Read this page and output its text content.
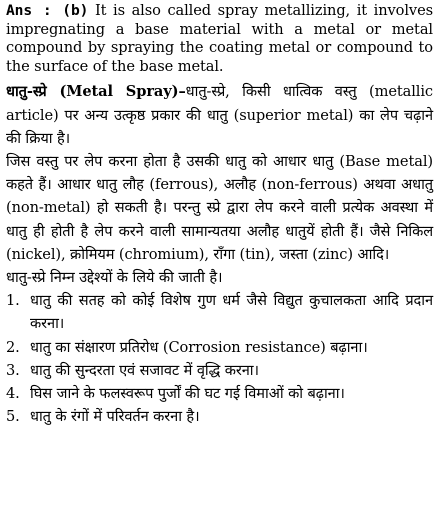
Ans : (b) It is also called spray metallizing, it involves impregnating a base material with a metal or metal compound by spraying the coating metal or compound to the surface of the base metal.

धातु-स्प्रे (Metal Spray)–धातु-स्प्रे, किसी धात्विक वस्तु (metallic article) पर अन्य उत्कृष्ठ प्रकार की धातु (superior metal) का लेप चढ़ाने की क्रिया है।

जिस वस्तु पर लेप करना होता है उसकी धातु को आधार धातु (Base metal) कहते हैं। आधार धातु लौह (ferrous), अलौह (non-ferrous) अथवा अधातु (non-metal) हो सकती है। परन्तु स्प्रे द्वारा लेप करने वाली प्रत्येक अवस्था में धातु ही होती है लेप करने वाली सामान्यतया अलौह धातुयें होती हैं। जैसे निकिल (nickel), क्रोमियम (chromium), राँगा (tin), जस्ता (zinc) आदि।

धातु-स्प्रे निम्न उद्देश्यों के लिये की जाती है।

1. धातु की सतह को कोई विशेष गुण धर्म जैसे विद्युत कुचालकता आदि प्रदान करना।
2. धातु का संक्षारण प्रतिरोध (Corrosion resistance) बढ़ाना।
3. धातु की सुन्दरता एवं सजावट में वृद्धि करना।
4. घिस जाने के फलस्वरूप पुर्जों की घट गई विमाओं को बढ़ाना।
5. धातु के रंगों में परिवर्तन करना है।
